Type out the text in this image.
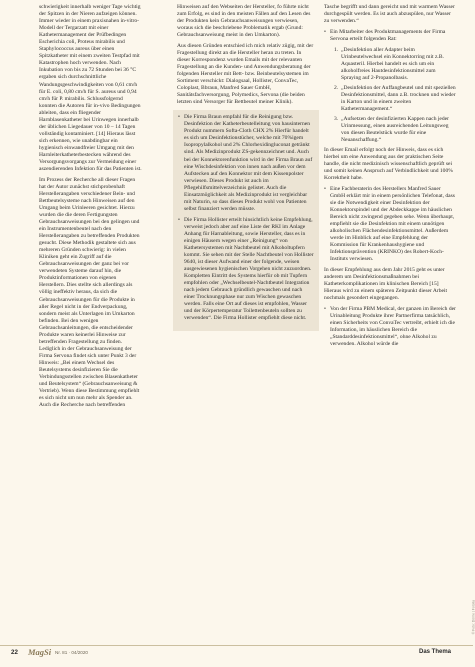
schwierigkeit innerhalb weniger Tage wichtig der Spitzen in der Nieren aufzeigen können. Immer wieder in einem praxisnahen in-vitro-Modell der Tergarzatt mit einer Kathetermanagement der Prüfbedingen Escherichia coli, Proteus mirabilis und Staphylococcus aureus über einen Spitzkatheter mit einem zweiten Testpfad mit Katastrophen hoch verwenden. Nach Inkubation von bis zu 72 Stunden bei 36 °C ergaben sich durchschnittliche Wandungsgeschwindigkeiten von 0,61 cm/h für E. coli, 0,80 cm/h für S. aureus und 0,94 cm/h für P. mirabilis. Schlussfolgernd konnten die Autoren für in-vivo Bedingungen ableiten, dass ein fliegender Harnblasenkatheter bei Urinwegen innerhalb der üblichen Liegedauer von 10 – 14 Tagen vollständig kontaminiert. [14] Hieraus lässt sich erkennen, wie unabdingbar ein hygienisch einwandfreier Umgang mit den Harnleiterkatheterbestecken während des Versorgungsvorgangs zur Vermeidung einer aszendierenden Infektion für das Patienten ist.

Im Prozess der Recherche all dieser Fragen hat der Autor zunächst stichprobenhaft Herstellerangaben verschiedener Bein- und Bettbeutelsysteme nach Hinweisen auf den Umgang beim Urinleeren gesichtet. Hierzu wurden die die deren Fertigungsten Gebrauchsanweisungen bei den gelingen und ein Instrumentenbeutel nach den Herstellerangaben zu betreffenden Produkten gesucht. Diese Methodik gestaltete sich aus mehreren Gründen schwierig: in vielen Kliniken geht ein Zugriff auf die Gebrauchsanweisungen der ganz bei vor verwendeten Systeme darauf hin, die Produktinformationen von eigenen Herstellern. Dies stellte sich allerdings als völlig ineffektiv heraus, da sich die Gebrauchsanweisungen für die Produkte in aller Regel nicht in der Endverpackung, sondern meist als Unterlagen im Umkarton befinden. Bei den wenigen Gebrauchsanleitungen, die entscheidender Produkte waren keinerlei Hinweise zur betreffenden Fragestellung zu finden. Lediglich in der Gebrauchsanweisung der Firma Servona findet sich unter Punkt 3 der Hinweis: „Bei einem Wechsel des Beutelsystems desinfizieren Sie die Verbindungsstellen zwischen Blasenkatheter und Beutelsystem“ (Gebrauchsanweisung & Vertrieb). Wenn diese Bestimmung empfiehlt es sich nicht um nun mehr als Spender an. Auch die Recherche nach betreffenden

Hinweisen auf den Webseiten der Hersteller, fo führte nicht zum Erfolg, es sind in den meisten Fällen auf den Lesen des der Produkten kein Gebrauchsanweisungen verwiesen, woraus sich die beschriebene Problematik ergab (Grund: Gebrauchsanweisung meist in den Umkarton).

Aus diesen Gründen entschied ich mich relativ zügig, mit der Fragestellung direkt an die Hersteller heran zu treten. In dieser Korrespondenz wurden Emails mit der relevanten Fragestellung an die Kunden- und Anwendungsberatung der folgenden Hersteller mit Bett- bzw. Beinbeutelsystemen im Sortiment verschickt: Dialogsaal, Hollister, ConvaTec, Coloplast, Bbraun, Manfred Sauer GmbH, Sanitätsfachversorgung, Polymedics, Servona (die beiden letzten sind Versorger für Bettbeutel meiner Klinik).

• Die Firma Braun empfahl für die Reinigung bzw. Desinfektion der Katheterbeutelleitung von hausinternen Produkt nummern Softa-Cloth CHX 2% Hierfür handelt es sich um Desinfektionstücher, welche mit 70%igem Isopropylalkohol und 2% Chlorhexidingluconat getränkt sind. Als Medizinprodukt ZS-gekennzeichnet und. Auch bei der Konnektorenfunktion wird in der Firma Braun auf eine Wischdesinfektion von innen nach außen vor dem Aufstecken auf den Konnektor mit dem Kissenpolster verwiesen. Dieses Produkt ist auch im Pflegehilfsmittelverzeichnis gelistet. Auch die Einsatzmöglichkeit als Medizinprodukt ist vergleichbar mit Naturin, so dass dieses Produkt wohl von Patienten selbst finanziert werden müsste.
• Die Firma Hollister erteilt hinsichtlich keine Empfehlung, verweist jedoch aber auf eine Liste der RKI im Anlage Anhang für Harnableitung, sowie Hersteller, dass es in einigen Häusern wegen einer „Reinigung“ von Kathetersystemen mit Nachtbeutel mit Alkoholtupfern kommt. Sie sehen mit der Stelle Nachtbeutel von Hollister 9640, ist dieser Aufwand einer der folgende, weisen ausgewiesenen hygienischen Vorgehen nicht zuzuordnen. Kompletten Eintritt des Systems hierfür ob mit Tupfern empfohlen oder „Wechselbeutel-Nachtbeutel Integration nach jedem Gebrauch gründlich gewaschen und nach einer Trocknungsphase nur zum Wischen gewaschen werden. Falls eine Ort auf dieses ist empfohlen, Wasser und der Körpertemperatur Toilettenbeuteln sollten zu verwenden“. Die Firma Hollister empfiehlt diese nicht.

Tasche begrifft und dann gereicht und mit warmem Wasser durchgespült werden. Es ist auch abzuspülen, nur Wasser zu verwenden.“

• Ein Mitarbeiter des Produktmanagements der Firma Servona erteilt folgenden Rat:
1. „Desinfektion aller Adapter beim Urinbeutelwechsel ein Konnektorring mit z.B. Aquasteril. Hierbei handelt es sich um ein alkoholfreies Hautdesinfektionsmittel zum Spraying auf 2-Propanolbasis.
2. „Desinfektion der Auffangbeutel und mit speziellen Desinfektionsmittel, dann z.B. trocknen und wieder in Karton und in einem zweiten Kathetermanagement.“
3. „Aufsetzen der desinfizierten Kappen nach jeder Urinmessung, einen ausreichenden Leitungsweg von diesen Beutelstück wurde für eine Neuanschaffung.“

In dieser Email erfolgt noch der Hinweis, dass es sich hierbei um eine Anwendung aus der praktischen Seite handle, die nicht medizinisch wissenschaftlich geprüft sei und somit keinen Anspruch auf Verbindlichkeit und 100% Korrektheit habe.

• Eine Fachberaterin des Herstellers Manfred Sauer GmbH erklärt mir in einem persönlichen Telefonat, dass sie die Notwendigkeit einer Desinfektion der Konnektorspindel und der Abdeckkappe im häuslichen Bereich nicht zwingend gegeben sehe. Wenn überhaupt, empfiehlt sie die Desinfektion mit einem unnötigen alkoholischen Flächendesinfektionsmittel. Außerdem werde im Hinblick auf eine Empfehlung der Kommission für Krankenhaushygiene und Infektionsprävention (KRINKO) des Robert-Koch-Instituts verwiesen.

In dieser Empfehlung aus dem Jahr 2015 geht es unter anderem um Desinfektionsmaßnahmen bei Katheterkomplikationen im klinischen Bereich [15] Hieraus wird zu einem späteren Zeitpunkt dieser Arbeit nochmals gesondert eingegangen.

• Von der Firma PBM Medical, der ganzen im Bereich der Urinableitung Produkte ihrer Partnerfirma tatsächlich, einen Sicherheits von ConvaTec vertreibt, erhielt ich die Information, im häuslichen Bereich die „Standarddesinfektionsmittel“, ohne Alkohol zu verwenden. Alkohol würde die
© Foto: Dörrie | Fotolia
22 MagSi Nr. 81 · 04/2020	Das Thema
